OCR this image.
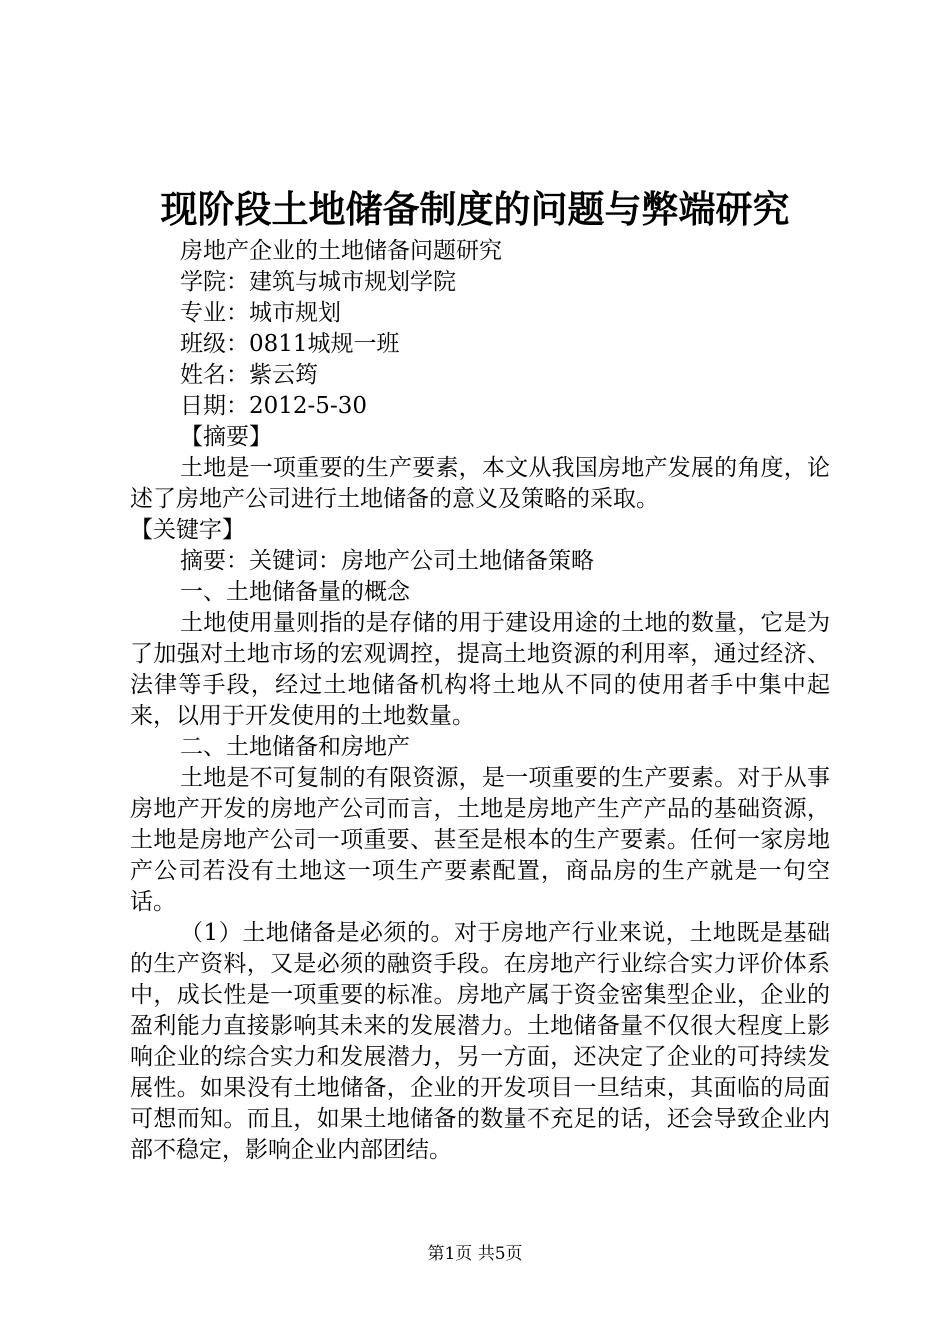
现阶段土地储备制度的问题与弊端研究
房地产企业的土地储备问题研究
学院：建筑与城市规划学院
专业：城市规划
班级：0811城规一班
姓名：紫云筠
日期：2012-5-30
【摘要】

土地是一项重要的生产要素，本文从我国房地产发展的角度，论述了房地产公司进行土地储备的意义及策略的采取。

【关键字】
摘要：关键词：房地产公司土地储备策略
一、土地储备量的概念

土地使用量则指的是存储的用于建设用途的土地的数量，它是为了加强对土地市场的宏观调控，提高土地资源的利用率，通过经济、法律等手段，经过土地储备机构将土地从不同的使用者手中集中起来，以用于开发使用的土地数量。

二、土地储备和房地产

土地是不可复制的有限资源，是一项重要的生产要素。对于从事房地产开发的房地产公司而言，土地是房地产生产产品的基础资源，土地是房地产公司一项重要、甚至是根本的生产要素。任何一家房地产公司若没有土地这一项生产要素配置，商品房的生产就是一句空话。

（1）土地储备是必须的。对于房地产行业来说，土地既是基础的生产资料，又是必须的融资手段。在房地产行业综合实力评价体系中，成长性是一项重要的标准。房地产属于资金密集型企业，企业的盈利能力直接影响其未来的发展潜力。土地储备量不仅很大程度上影响企业的综合实力和发展潜力，另一方面，还决定了企业的可持续发展性。如果没有土地储备，企业的开发项目一旦结束，其面临的局面可想而知。而且，如果土地储备的数量不充足的话，还会导致企业内部不稳定，影响企业内部团结。

第1页 共5页
